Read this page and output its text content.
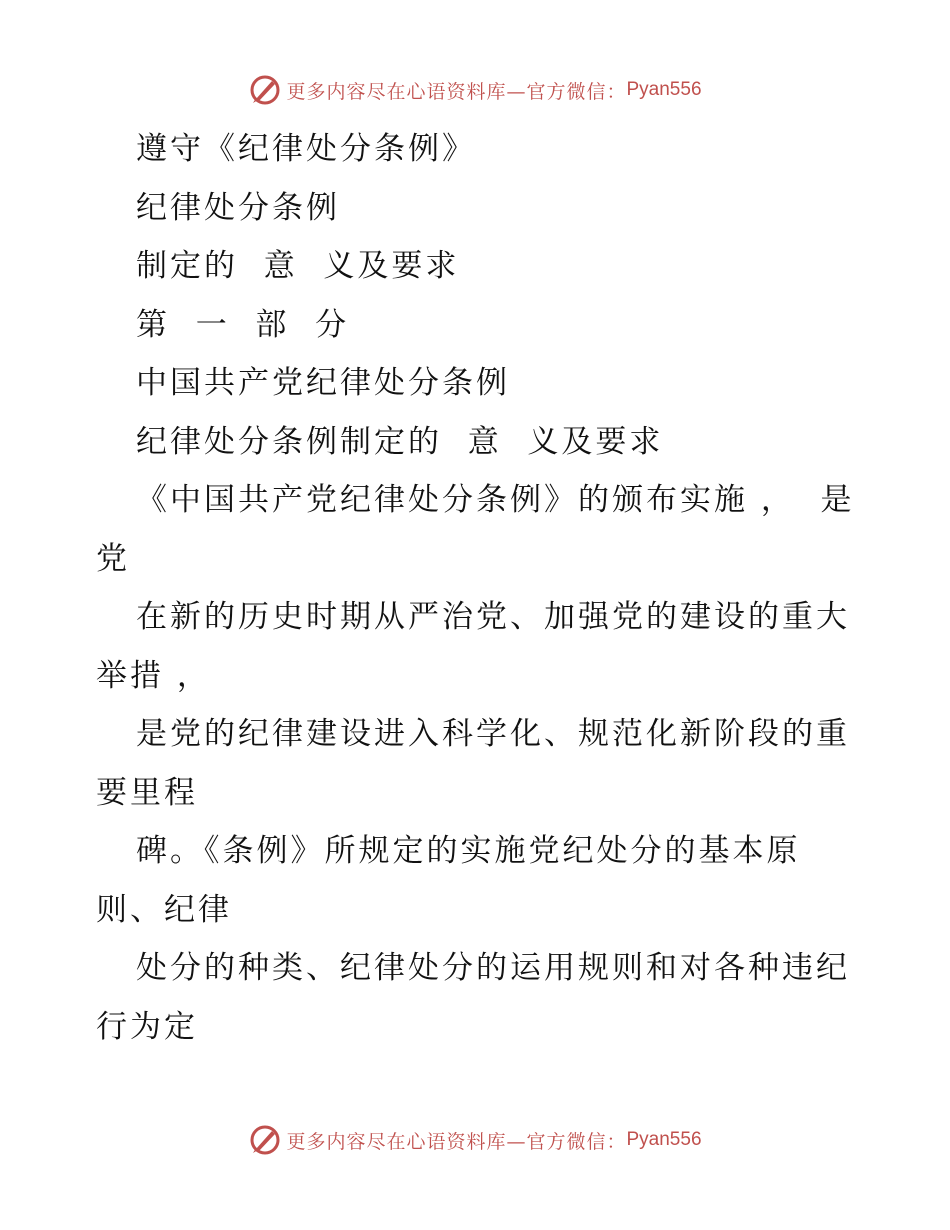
更多内容尽在心语资料库—官方微信： Pyan556
遵守《纪律处分条例》
纪律处分条例
制定的  意  义及要求
第  一  部  分
中国共产党纪律处分条例
纪律处分条例制定的  意  义及要求
《中国共产党纪律处分条例》的颁布实施 ，  是
党
在新的历史时期从严治党、加强党的建设的重大
举措 ，
是党的纪律建设进入科学化、规范化新阶段的重
要里程
碑。《条例》所规定的实施党纪处分的基本原
则、纪律
处分的种类、纪律处分的运用规则和对各种违纪
行为定
更多内容尽在心语资料库—官方微信： Pyan556
